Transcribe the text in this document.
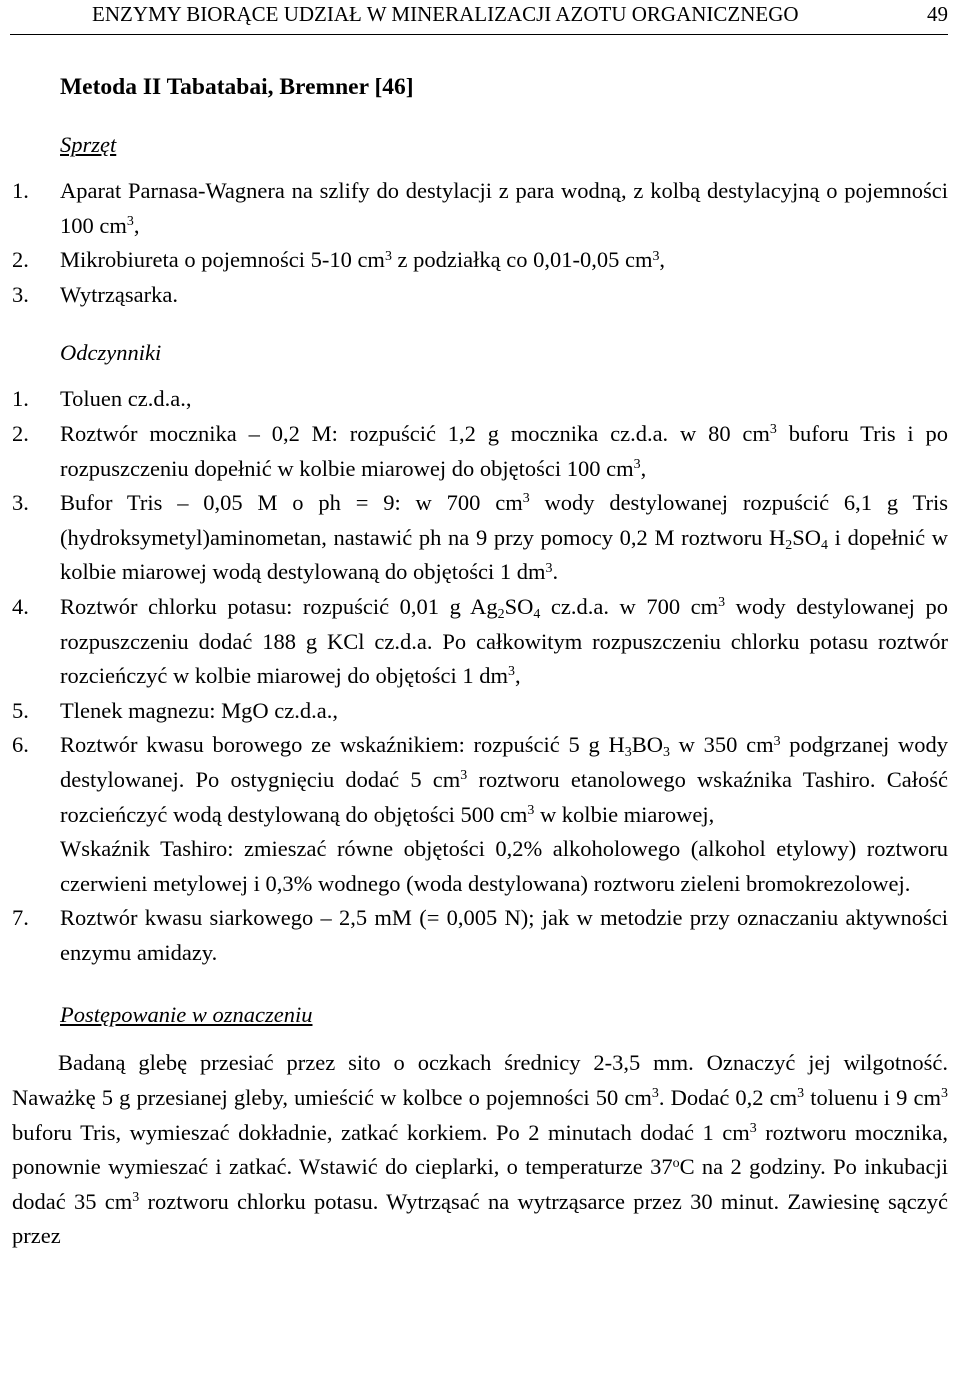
ENZYMY BIORĄCE UDZIAŁ W MINERALIZACJI AZOTU ORGANICZNEGO	49
Metoda II Tabatabai, Bremner [46]
Sprzęt
1. Aparat Parnasa-Wagnera na szlify do destylacji z para wodną, z kolbą destylacyjną o pojemności 100 $cm^3$,
2. Mikrobiureta o pojemności 5-10 $cm^3$ z podziałką co 0,01-0,05 $cm^3$,
3. Wytrząsarka.
Odczynniki
1. Toluen cz.d.a.,
2. Roztwór mocznika – 0,2 M: rozpuścić 1,2 g mocznika cz.d.a. w 80 $cm^3$ buforu Tris i po rozpuszczeniu dopełnić w kolbie miarowej do objętości 100 $cm^3$,
3. Bufor Tris – 0,05 M o ph = 9: w 700 $cm^3$ wody destylowanej rozpuścić 6,1 g Tris (hydroksymetyl)aminometan, nastawić ph na 9 przy pomocy 0,2 M roztworu $H_2SO_4$ i dopełnić w kolbie miarowej wodą destylowaną do objętości 1 $dm^3$.
4. Roztwór chlorku potasu: rozpuścić 0,01 g $Ag_2SO_4$ cz.d.a. w 700 $cm^3$ wody destylowanej po rozpuszczeniu dodać 188 g KCl cz.d.a. Po całkowitym rozpuszczeniu chlorku potasu roztwór rozcieńczyć w kolbie miarowej do objętości 1 $dm^3$,
5. Tlenek magnezu: MgO cz.d.a.,
6. Roztwór kwasu borowego ze wskaźnikiem: rozpuścić 5 g $H_3BO_3$ w 350 $cm^3$ podgrzanej wody destylowanej. Po ostygnięciu dodać 5 $cm^3$ roztworu etanolowego wskaźnika Tashiro. Całość rozcieńczyć wodą destylowaną do objętości 500 $cm^3$ w kolbie miarowej,
Wskaźnik Tashiro: zmieszać równe objętości 0,2% alkoholowego (alkohol etylowy) roztworu czerwieni metylowej i 0,3% wodnego (woda destylowana) roztworu zieleni bromokrezolowej.
7. Roztwór kwasu siarkowego – 2,5 mM (= 0,005 N); jak w metodzie przy oznaczaniu aktywności enzymu amidazy.
Postępowanie w oznaczeniu

Badaną glebę przesiać przez sito o oczkach średnicy 2-3,5 mm. Oznaczyć jej wilgotność. Naważkę 5 g przesianej gleby, umieścić w kolbce o pojemności 50 $cm^3$. Dodać 0,2 $cm^3$ toluenu i 9 $cm^3$ buforu Tris, wymieszać dokładnie, zatkać korkiem. Po 2 minutach dodać 1 $cm^3$ roztworu mocznika, ponownie wymieszać i zatkać. Wstawić do cieplarki, o temperaturze 37$^o$C na 2 godziny. Po inkubacji dodać 35 $cm^3$ roztworu chlorku potasu. Wytrząsać na wytrząsarce przez 30 minut. Zawiesinę sączyć przez
